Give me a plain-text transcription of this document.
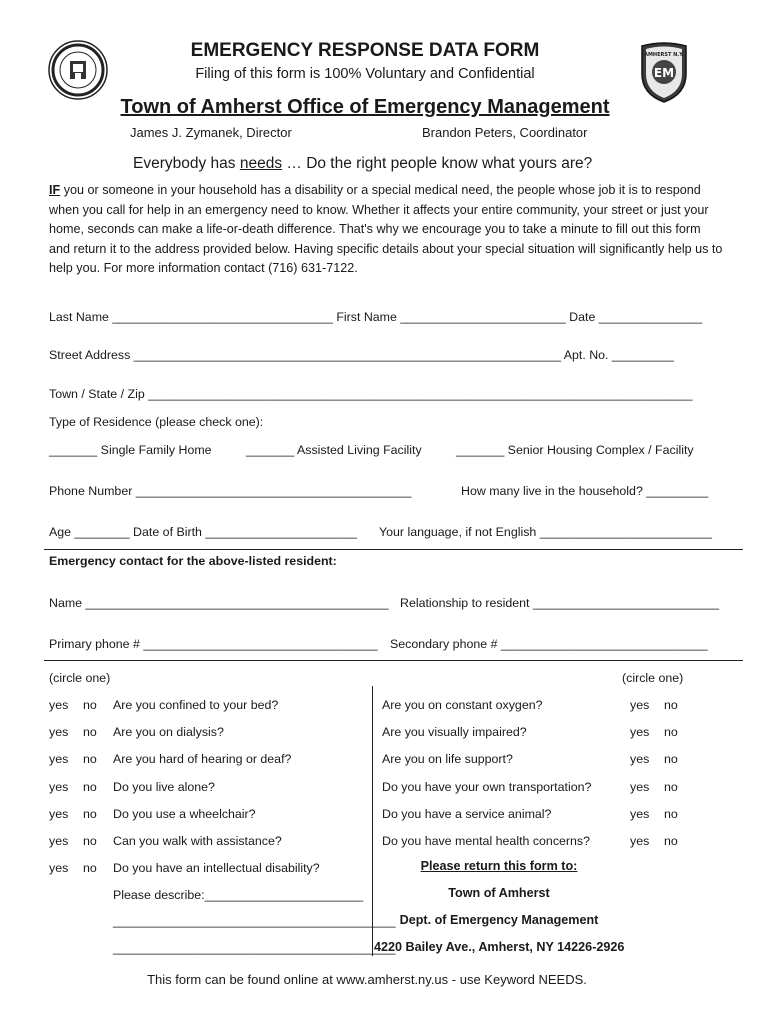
EM
AMHERST N.Y.
EMERGENCY RESPONSE DATA FORM
Filing of this form is 100% Voluntary and Confidential
Town of Amherst Office of Emergency Management
James J. Zymanek, Director	Brandon Peters, Coordinator
Everybody has needs … Do the right people know what yours are?
IF you or someone in your household has a disability or a special medical need, the people whose job it is to respond when you call for help in an emergency need to know. Whether it affects your entire community, your street or just your home, seconds can make a life-or-death difference. That's why we encourage you to take a minute to fill out this form and return it to the address provided below. Having specific details about your special situation will significantly help us to help you. For more information contact (716) 631-7122.
Last Name ________________________________ First Name ________________________ Date _______________
Street Address ______________________________________________________________ Apt. No. _________
Town / State / Zip _______________________________________________________________________________
Type of Residence (please check one):
_______ Single Family Home	_______ Assisted Living Facility	_______ Senior Housing Complex / Facility
Phone Number ________________________________________	How many live in the household? _________
Age ________ Date of Birth ______________________ Your language, if not English _________________________
Emergency contact for the above-listed resident:
Name ____________________________________________ Relationship to resident ___________________________
Primary phone # __________________________________ Secondary phone # ______________________________
(circle one)	(circle one)
yes no Are you confined to your bed?
yes no Are you on dialysis?
yes no Are you hard of hearing or deaf?
yes no Do you live alone?
yes no Do you use a wheelchair?
yes no Can you walk with assistance?
yes no Do you have an intellectual disability?
Are you on constant oxygen?	yes no
Are you visually impaired?	yes no
Are you on life support?	yes no
Do you have your own transportation?	yes no
Do you have a service animal?	yes no
Do you have mental health concerns?	yes no
Please describe:_______________________
_________________________________________
_________________________________________
Please return this form to:
Town of Amherst
Dept. of Emergency Management
4220 Bailey Ave., Amherst, NY 14226-2926
This form can be found online at www.amherst.ny.us - use Keyword NEEDS.
